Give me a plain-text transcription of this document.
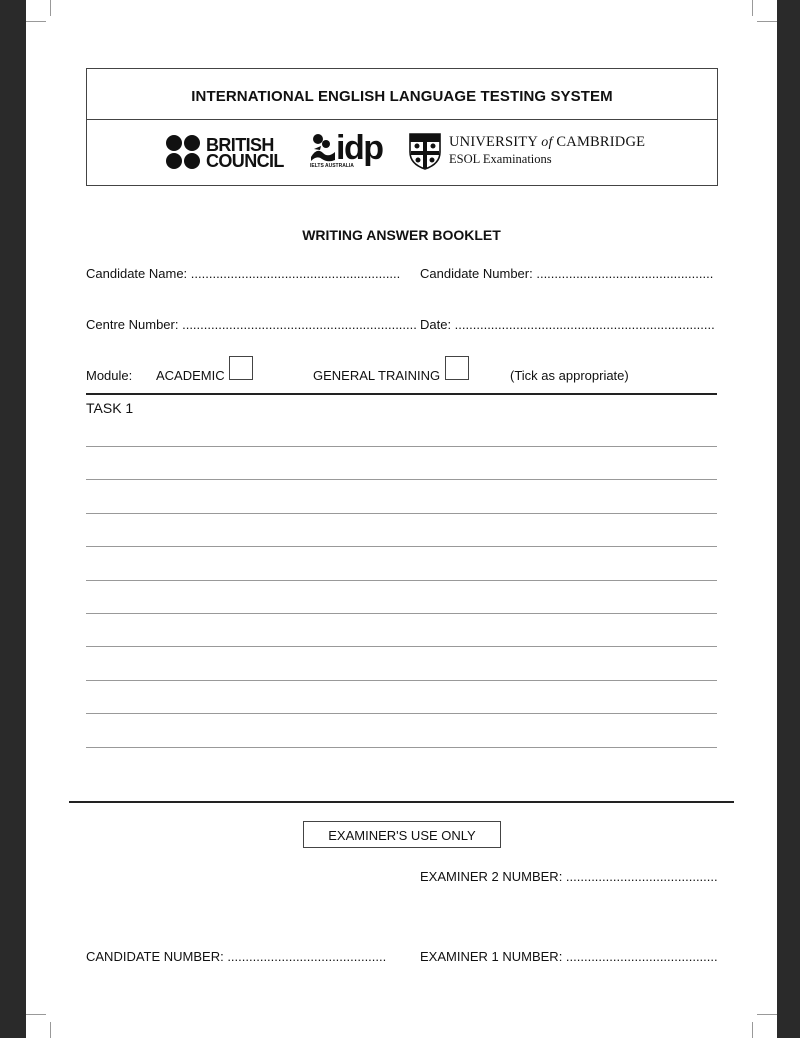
INTERNATIONAL ENGLISH LANGUAGE TESTING SYSTEM
BRITISH
COUNCIL idp
IELTS AUSTRALIA
UNIVERSITY of CAMBRIDGE
ESOL Examinations
WRITING ANSWER BOOKLET
Candidate Name: .......................................................... Candidate Number: .................................................
Centre Number: ................................................................. Date: ........................................................................
Module: ACADEMIC	GENERAL TRAINING	(Tick as appropriate)
TASK 1
EXAMINER'S USE ONLY
EXAMINER 2 NUMBER: ..........................................
CANDIDATE NUMBER: ............................................	EXAMINER 1 NUMBER: ..........................................
